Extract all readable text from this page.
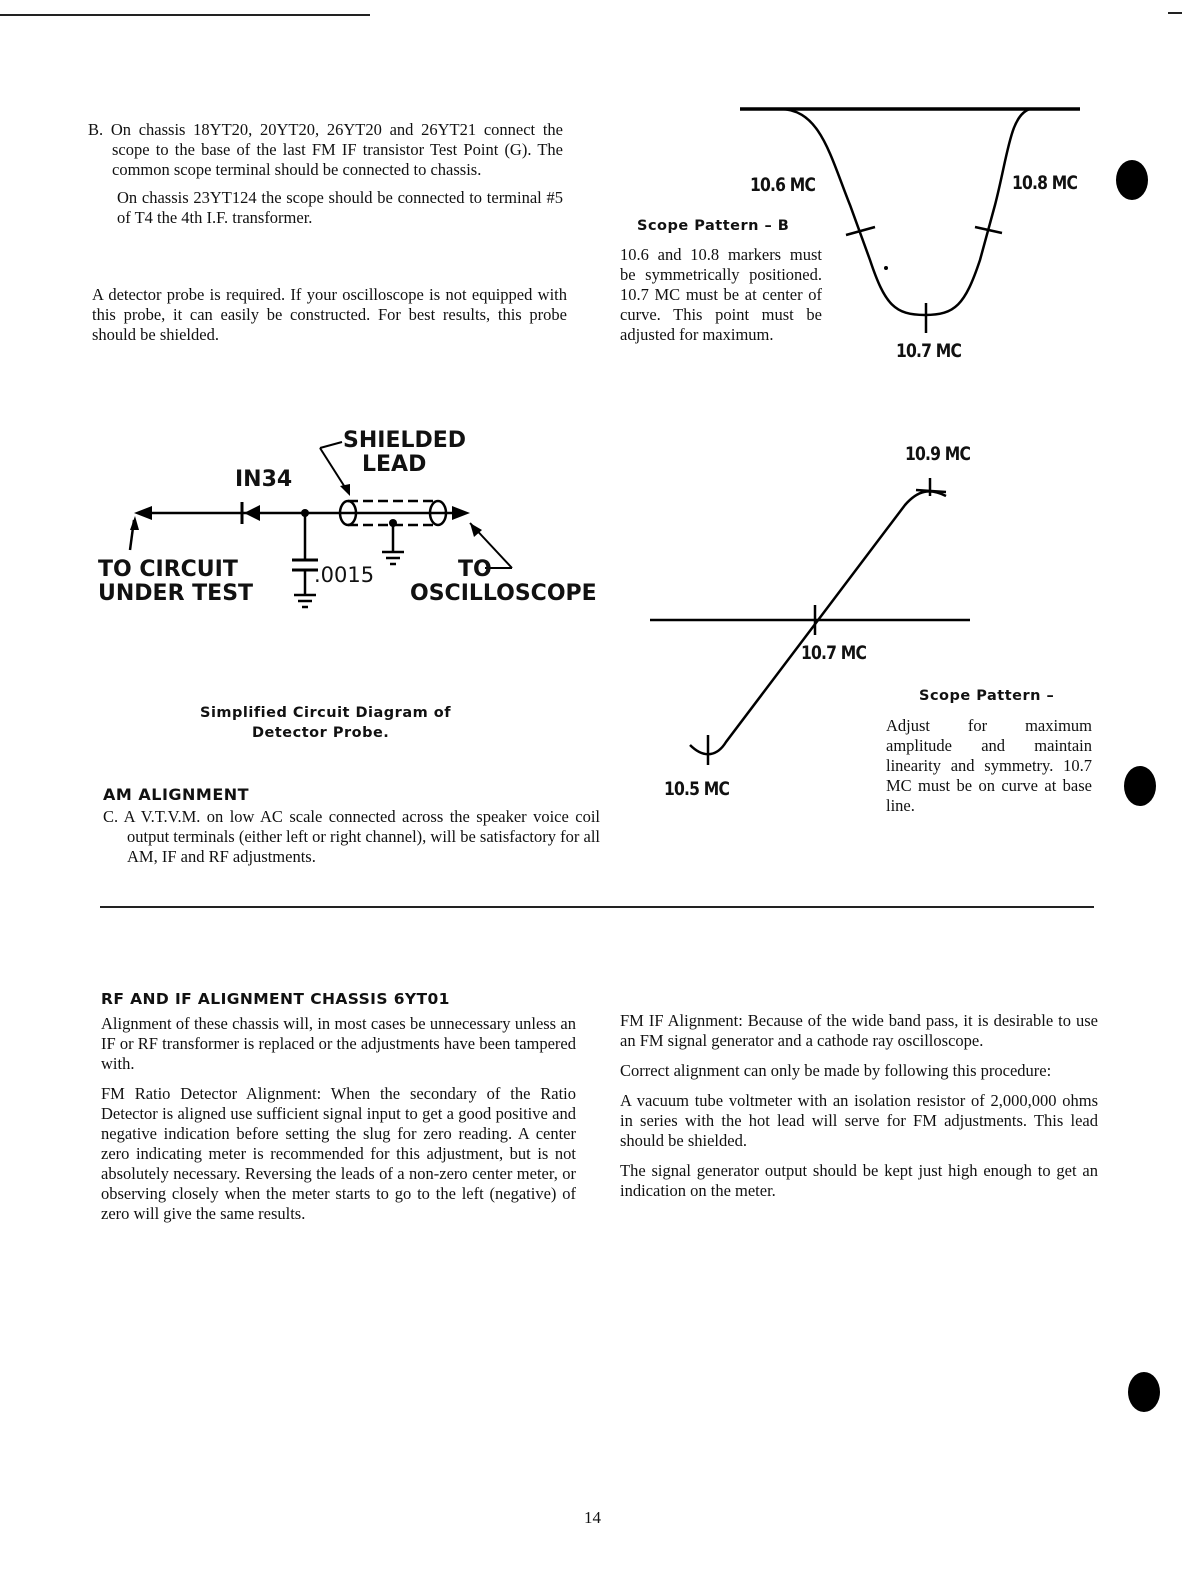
B. On chassis 18YT20, 20YT20, 26YT20 and 26YT21 connect the scope to the base of the last FM IF transistor Test Point (G). The common scope terminal should be connected to chassis.

On chassis 23YT124 the scope should be connected to terminal #5 of T4 the 4th I.F. transformer.

A detector probe is required. If your oscilloscope is not equipped with this probe, it can easily be constructed. For best results, this probe should be shielded.

10.6 MC	10.8 MC
10.7 MC
Scope Pattern – B

10.6 and 10.8 markers must be symmetrically positioned. 10.7 MC must be at center of curve. This point must be adjusted for maximum.

SHIELDED
LEAD
IN34
TO CIRCUIT
UNDER TEST
.0015	TO
OSCILLOSCOPE
Simplified Circuit Diagram of
Detector Probe.
10.9 MC
10.7 MC
10.5 MC
Scope Pattern –

Adjust for maximum amplitude and maintain linearity and symmetry. 10.7 MC must be on curve at base line.

AM ALIGNMENT

C. A V.T.V.M. on low AC scale connected across the speaker voice coil output terminals (either left or right channel), will be satisfactory for all AM, IF and RF adjustments.

RF AND IF ALIGNMENT CHASSIS 6YT01

Alignment of these chassis will, in most cases be unnecessary unless an IF or RF transformer is replaced or the adjustments have been tampered with.

FM Ratio Detector Alignment: When the secondary of the Ratio Detector is aligned use sufficient signal input to get a good positive and negative indication before setting the slug for zero reading. A center zero indicating meter is recommended for this adjustment, but is not absolutely necessary. Reversing the leads of a non-zero center meter, or observing closely when the meter starts to go to the left (negative) of zero will give the same results.

FM IF Alignment: Because of the wide band pass, it is desirable to use an FM signal generator and a cathode ray oscilloscope.

Correct alignment can only be made by following this procedure:

A vacuum tube voltmeter with an isolation resistor of 2,000,000 ohms in series with the hot lead will serve for FM adjustments. This lead should be shielded.

The signal generator output should be kept just high enough to get an indication on the meter.

14
